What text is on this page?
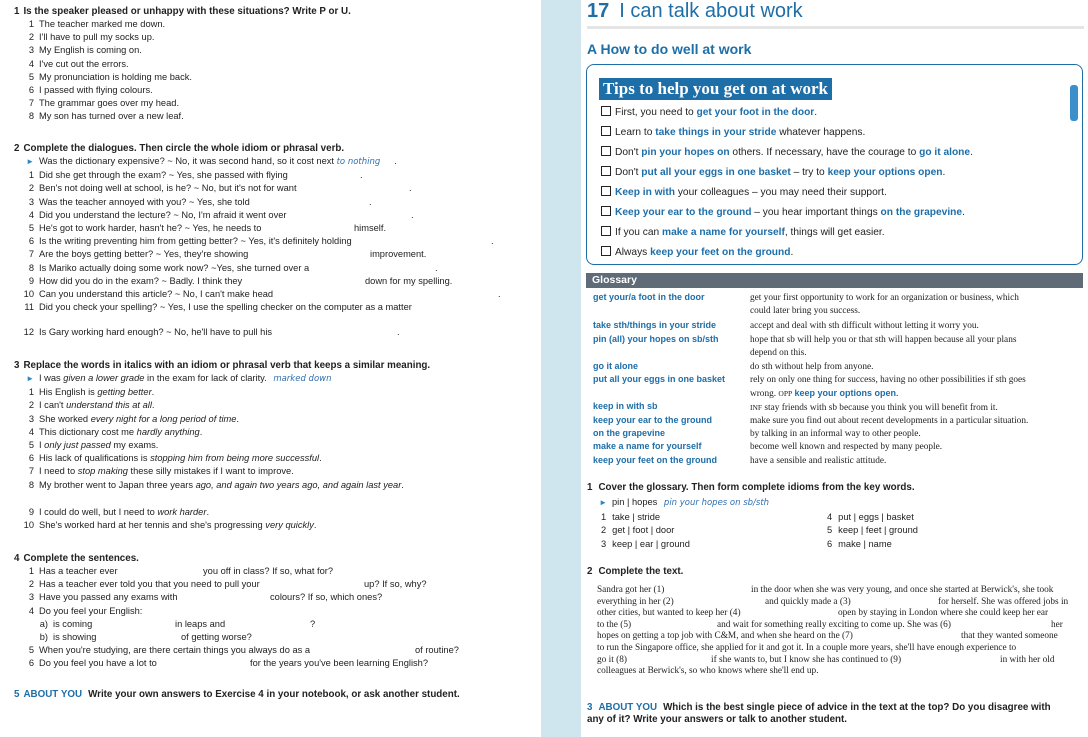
1 Is the speaker pleased or unhappy with these situations? Write P or U.
1 The teacher marked me down.
2 I'll have to pull my socks up.
3 My English is coming on.
4 I've cut out the errors.
5 My pronunciation is holding me back.
6 I passed with flying colours.
7 The grammar goes over my head.
8 My son has turned over a new leaf.
2 Complete the dialogues. Then circle the whole idiom or phrasal verb.
► Was the dictionary expensive? ~ No, it was second hand, so it cost next to nothing .
1 Did she get through the exam? ~ Yes, she passed with flying	.
2 Ben's not doing well at school, is he? ~ No, but it's not for want	.
3 Was the teacher annoyed with you? ~ Yes, she told	.
4 Did you understand the lecture? ~ No, I'm afraid it went over	.
5 He's got to work harder, hasn't he? ~ Yes, he needs to	himself.
6 Is the writing preventing him from getting better? ~ Yes, it's definitely holding	.
7 Are the boys getting better? ~ Yes, they're showing	improvement.
8 Is Mariko actually doing some work now? ~Yes, she turned over a	.
9 How did you do in the exam? ~ Badly. I think they	down for my spelling.
10 Can you understand this article? ~ No, I can't make head	.
11 Did you check your spelling? ~ Yes, I use the spelling checker on the computer as a matter
12 Is Gary working hard enough? ~ No, he'll have to pull his	.
3 Replace the words in italics with an idiom or phrasal verb that keeps a similar meaning.
► I was given a lower grade in the exam for lack of clarity. marked down
1 His English is getting better.
2 I can't understand this at all.
3 She worked every night for a long period of time.
4 This dictionary cost me hardly anything.
5 I only just passed my exams.
6 His lack of qualifications is stopping him from being more successful.
7 I need to stop making these silly mistakes if I want to improve.
8 My brother went to Japan three years ago, and again two years ago, and again last year.
9 I could do well, but I need to work harder.
10 She's worked hard at her tennis and she's progressing very quickly.
4 Complete the sentences.
1 Has a teacher ever	you off in class? If so, what for?
2 Has a teacher ever told you that you need to pull your	up? If so, why?
3 Have you passed any exams with	colours? If so, which ones?
4 Do you feel your English:
a) is coming	in leaps and	?
b) is showing	of getting worse?
5 When you're studying, are there certain things you always do as a	of routine?
6 Do you feel you have a lot to	for the years you've been learning English?
5 ABOUT YOU Write your own answers to Exercise 4 in your notebook, or ask another student.
17 I can talk about work
A How to do well at work
Tips to help you get on at work
First, you need to get your foot in the door.
Learn to take things in your stride whatever happens.
Don't pin your hopes on others. If necessary, have the courage to go it alone.
Don't put all your eggs in one basket – try to keep your options open.
Keep in with your colleagues – you may need their support.
Keep your ear to the ground – you hear important things on the grapevine.
If you can make a name for yourself, things will get easier.
Always keep your feet on the ground.
Glossary
get your/a foot in the door	get your first opportunity to work for an organization or business, which
could later bring you success.
take sth/things in your stride	accept and deal with sth difficult without letting it worry you.
pin (all) your hopes on sb/sth	hope that sb will help you or that sth will happen because all your plans
depend on this.
go it alone	do sth without help from anyone.
put all your eggs in one basket	rely on only one thing for success, having no other possibilities if sth goes
wrong. OPP keep your options open.
keep in with sb	INF stay friends with sb because you think you will benefit from it.
keep your ear to the ground	make sure you find out about recent developments in a particular situation.
on the grapevine	by talking in an informal way to other people.
make a name for yourself	become well known and respected by many people.
keep your feet on the ground	have a sensible and realistic attitude.
1 Cover the glossary. Then form complete idioms from the key words.
► pin | hopes pin your hopes on sb/sth
1 take | stride	4 put | eggs | basket
2 get | foot | door	5 keep | feet | ground
3 keep | ear | ground	6 make | name
2 Complete the text.
Sandra got her (1)	in the door when she was very young, and once she started at Berwick's, she took
everything in her (2)	and quickly made a (3)	for herself. She was offered jobs in
other cities, but wanted to keep her (4)	open by staying in London where she could keep her ear
to the (5)	and wait for something really exciting to come up. She was (6)	her
hopes on getting a top job with C&M, and when she heard on the (7)	that they wanted someone
to run the Singapore office, she applied for it and got it. In a couple more years, she'll have enough experience to
go it (8)	if she wants to, but I know she has continued to (9)	in with her old
colleagues at Berwick's, so who knows where she'll end up.
3 ABOUT YOU Which is the best single piece of advice in the text at the top? Do you disagree with
any of it? Write your answers or talk to another student.
